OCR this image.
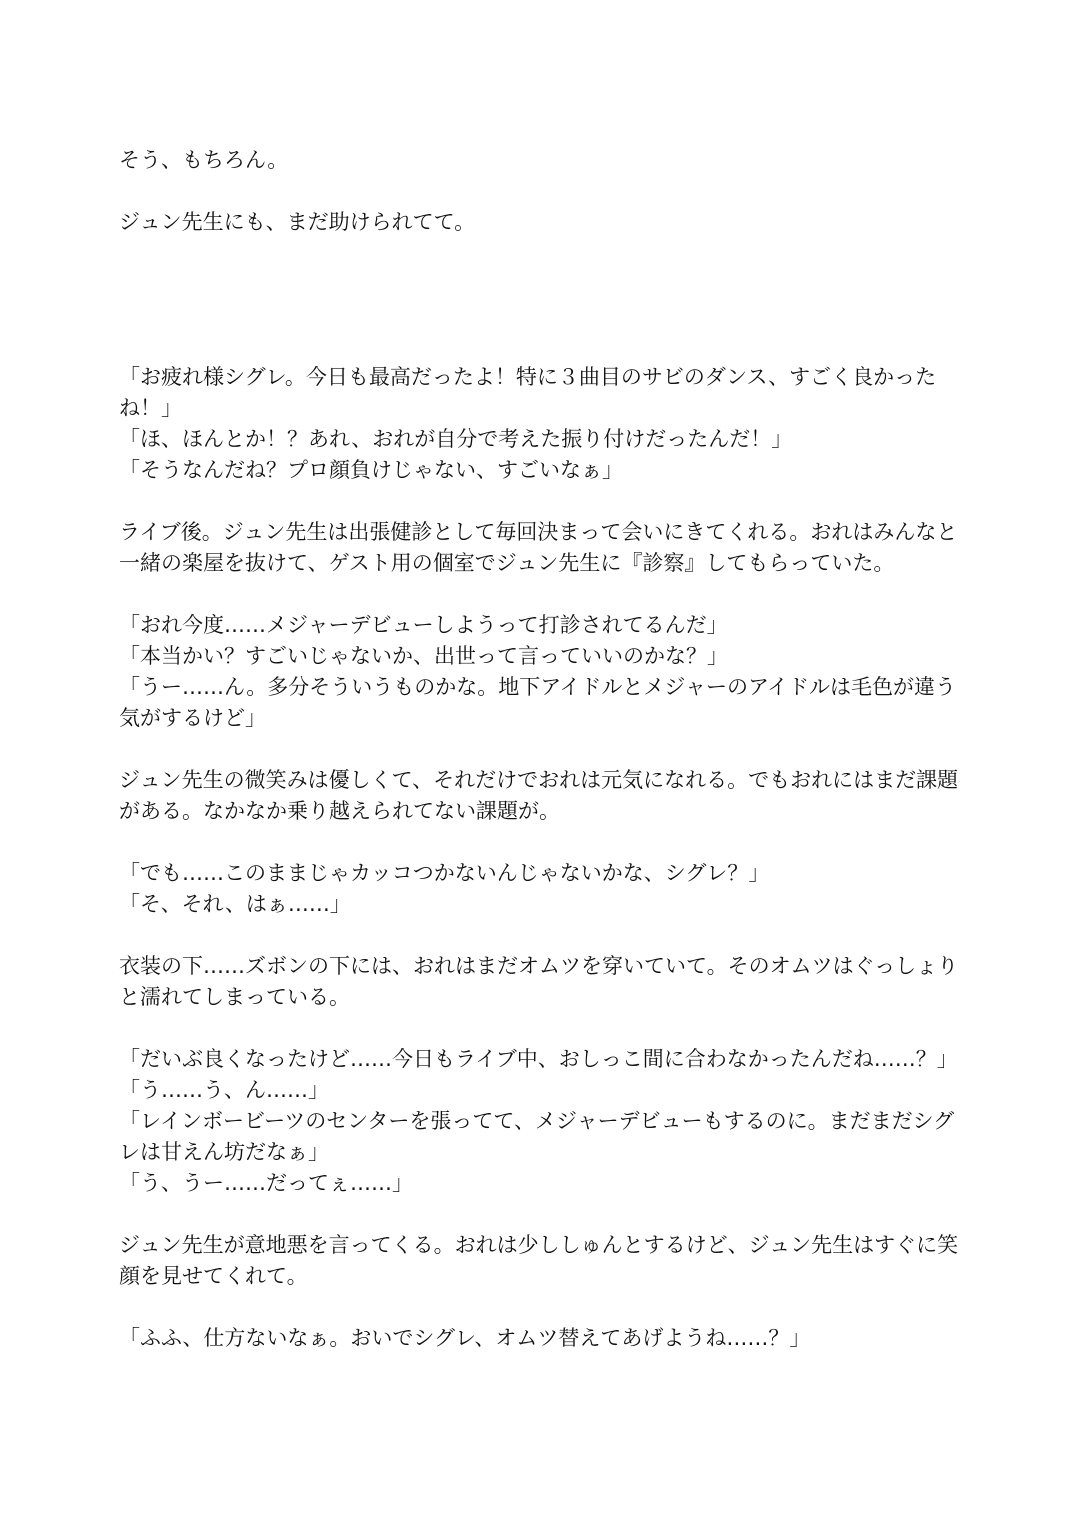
そう、もちろん。

ジュン先生にも、まだ助けられてて。

「お疲れ様シグレ。今日も最高だったよ！特に３曲目のサビのダンス、すごく良かったね！」

「ほ、ほんとか！？あれ、おれが自分で考えた振り付けだったんだ！」

「そうなんだね？プロ顔負けじゃない、すごいなぁ」

ライブ後。ジュン先生は出張健診として毎回決まって会いにきてくれる。おれはみんなと一緒の楽屋を抜けて、ゲスト用の個室でジュン先生に『診察』してもらっていた。

「おれ今度……メジャーデビューしようって打診されてるんだ」

「本当かい？すごいじゃないか、出世って言っていいのかな？」

「うー……ん。多分そういうものかな。地下アイドルとメジャーのアイドルは毛色が違う気がするけど」

ジュン先生の微笑みは優しくて、それだけでおれは元気になれる。でもおれにはまだ課題がある。なかなか乗り越えられてない課題が。

「でも……このままじゃカッコつかないんじゃないかな、シグレ？」

「そ、それ、はぁ……」

衣装の下……ズボンの下には、おれはまだオムツを穿いていて。そのオムツはぐっしょりと濡れてしまっている。

「だいぶ良くなったけど……今日もライブ中、おしっこ間に合わなかったんだね……？」

「う……う、ん……」

「レインボービーツのセンターを張ってて、メジャーデビューもするのに。まだまだシグレは甘えん坊だなぁ」

「う、うー……だってぇ……」

ジュン先生が意地悪を言ってくる。おれは少ししゅんとするけど、ジュン先生はすぐに笑顔を見せてくれて。

「ふふ、仕方ないなぁ。おいでシグレ、オムツ替えてあげようね……？」
